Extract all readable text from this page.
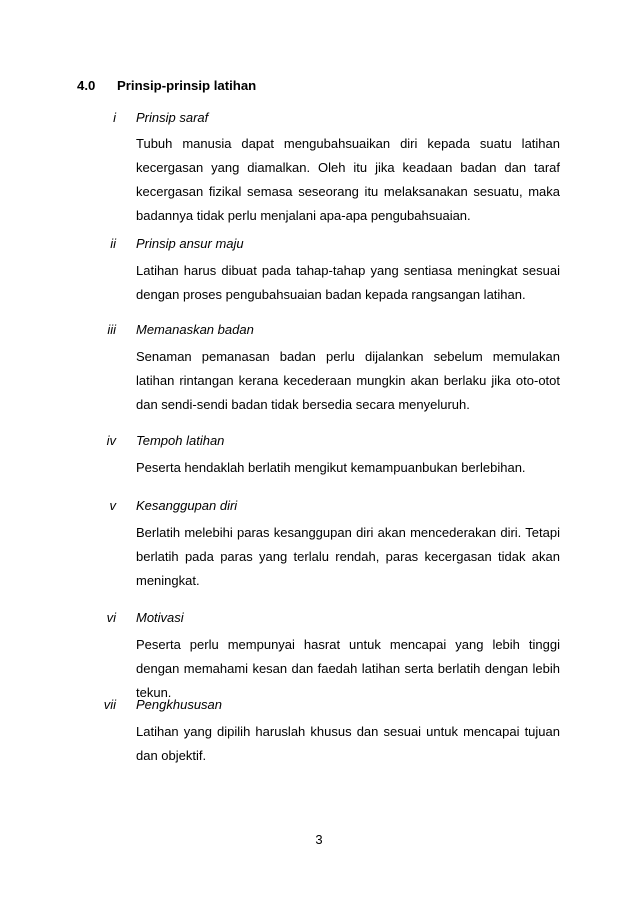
4.0 Prinsip-prinsip latihan
i Prinsip saraf
Tubuh manusia dapat mengubahsuaikan diri kepada suatu latihan kecergasan yang diamalkan. Oleh itu jika keadaan badan dan taraf kecergasan fizikal semasa seseorang itu melaksanakan sesuatu, maka badannya tidak perlu menjalani apa-apa pengubahsuaian.
ii Prinsip ansur maju
Latihan harus dibuat pada tahap-tahap yang sentiasa meningkat sesuai dengan proses pengubahsuaian badan kepada rangsangan latihan.
iii Memanaskan badan
Senaman pemanasan badan perlu dijalankan sebelum memulakan latihan rintangan kerana kecederaan mungkin akan berlaku jika oto-otot dan sendi-sendi badan tidak bersedia secara menyeluruh.
iv Tempoh latihan
Peserta hendaklah berlatih mengikut kemampuanbukan berlebihan.
v Kesanggupan diri
Berlatih melebihi paras kesanggupan diri akan mencederakan diri. Tetapi berlatih pada paras yang terlalu rendah, paras kecergasan tidak akan meningkat.
vi Motivasi
Peserta perlu mempunyai hasrat untuk mencapai yang lebih tinggi dengan memahami kesan dan faedah latihan serta berlatih dengan lebih tekun.
vii Pengkhususan
Latihan yang dipilih haruslah khusus dan sesuai untuk mencapai tujuan dan objektif.
3
